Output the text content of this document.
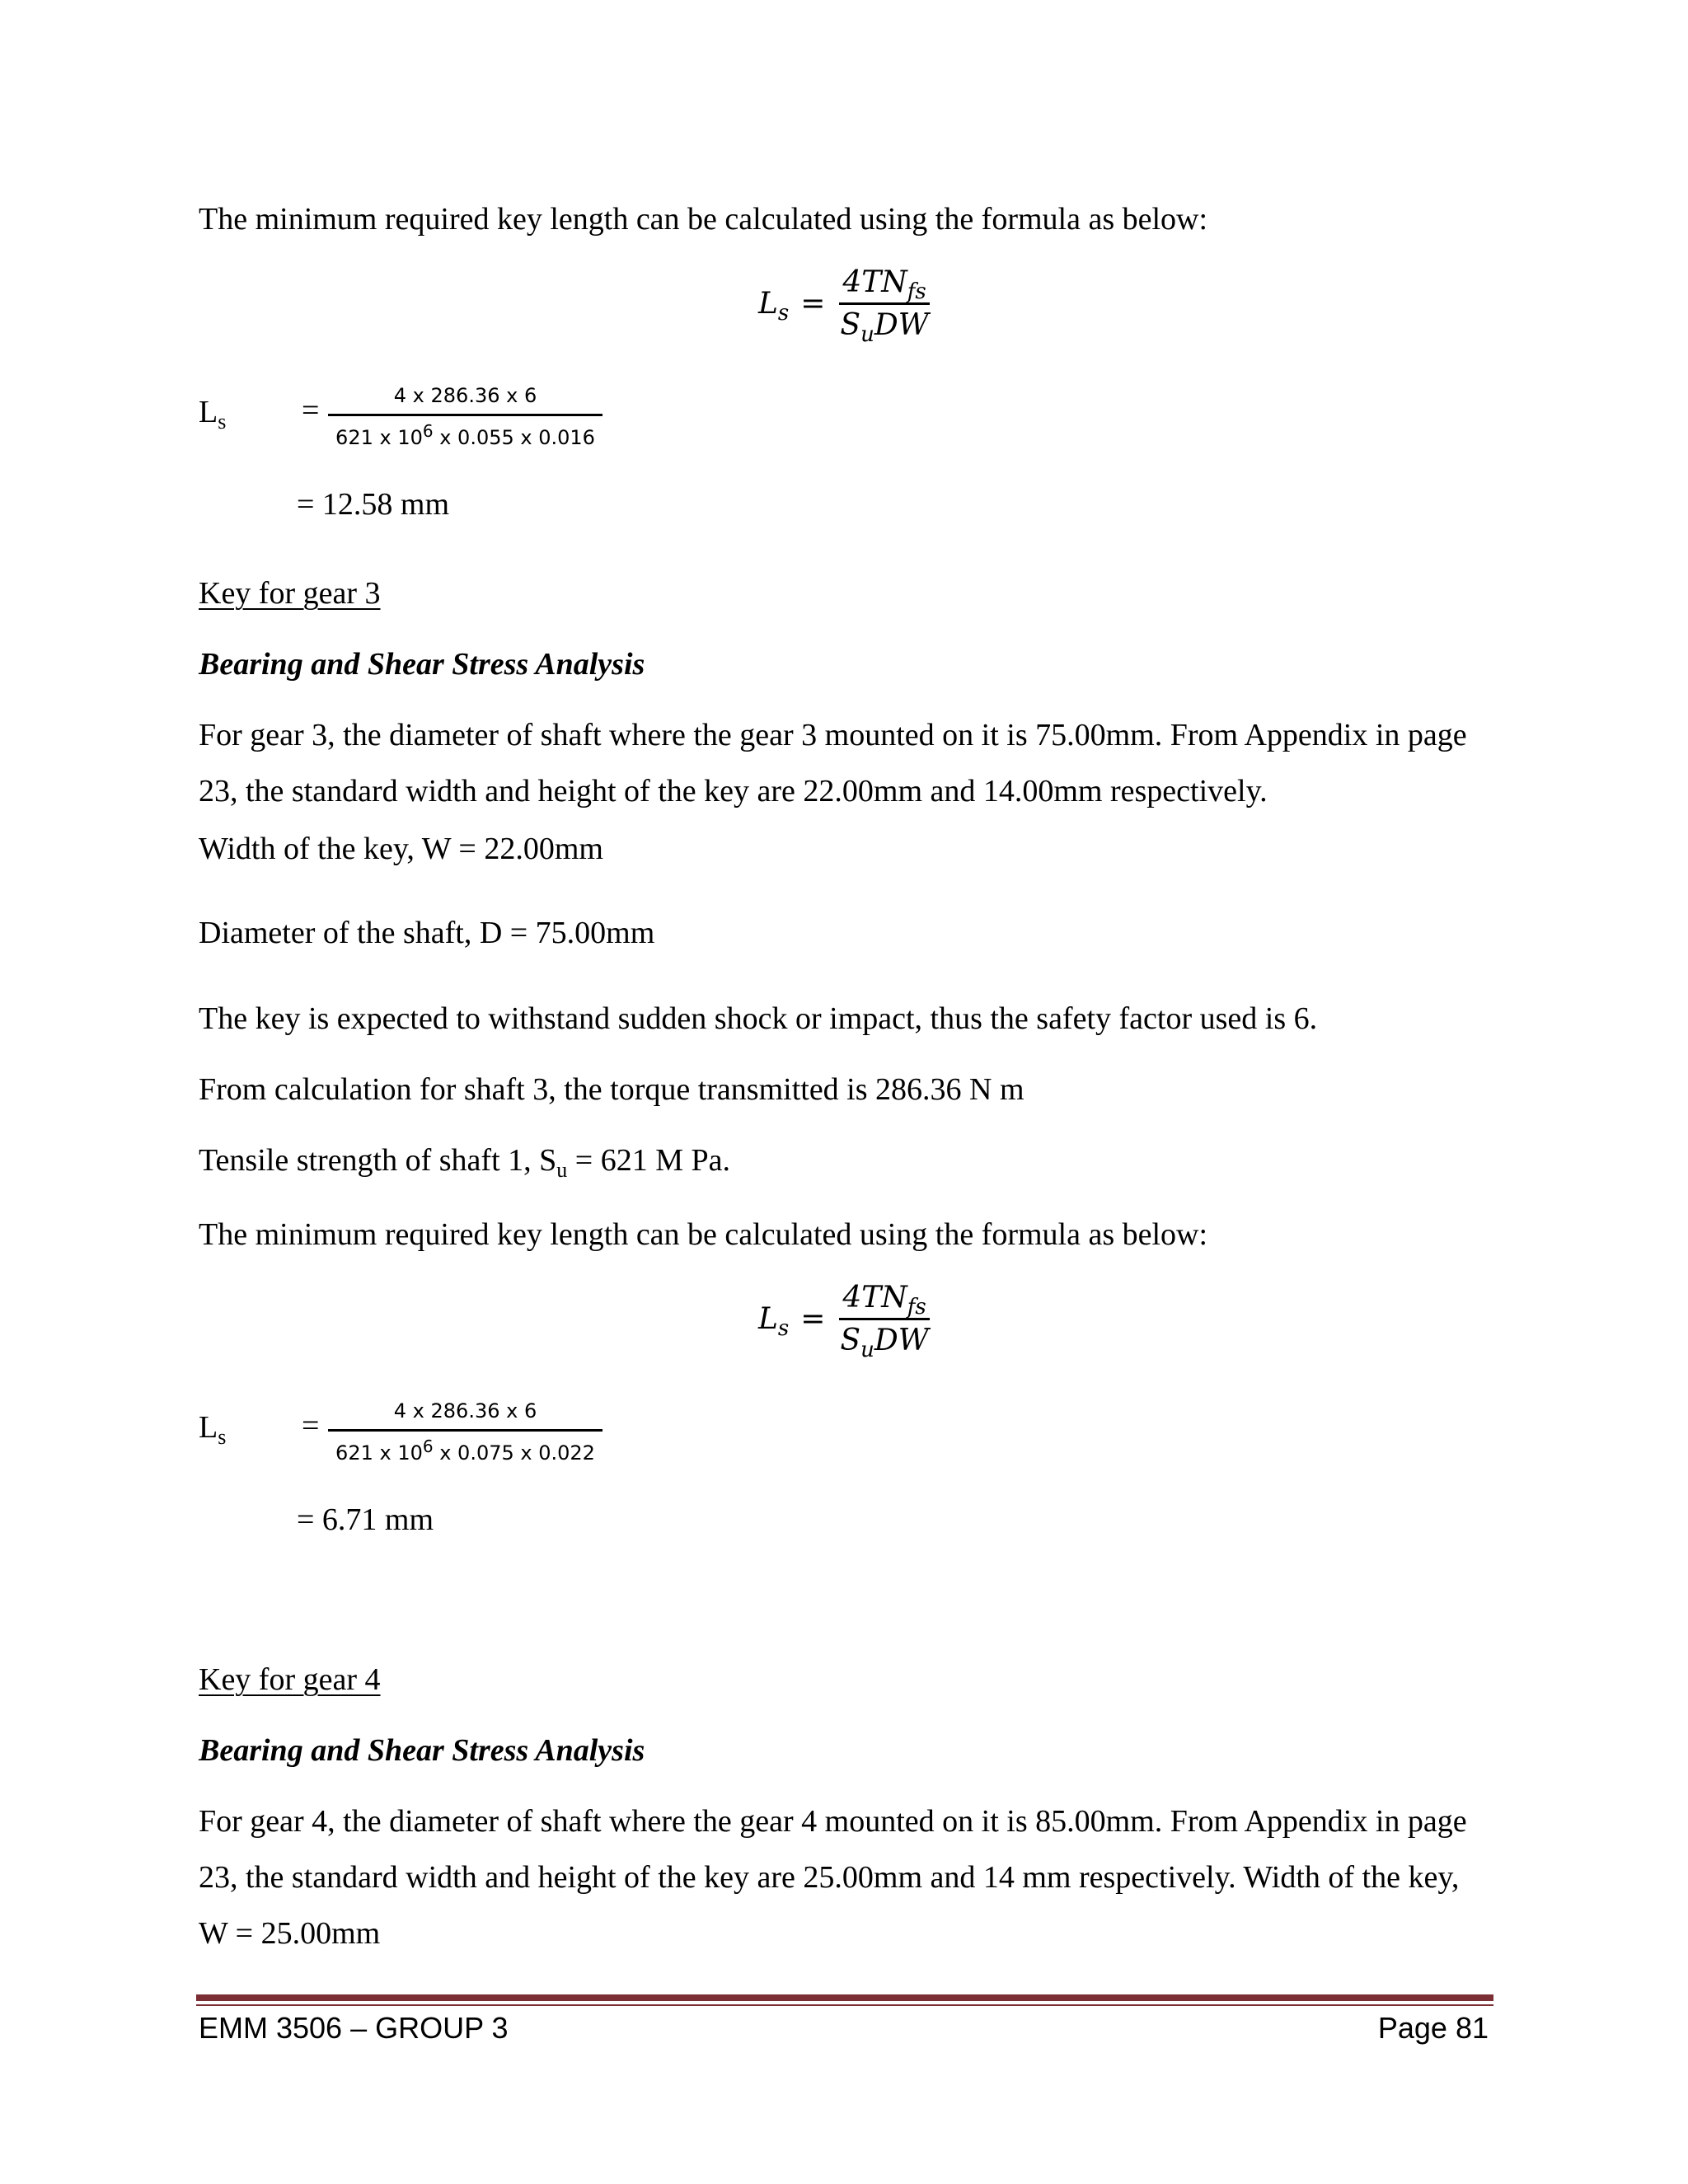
The minimum required key length can be calculated using the formula as below:

$L_s = \frac{4TN_{fs}}{S_uDW}$
$L_s = \frac{4 x 286.36 x 6}{621 x 10^6 x 0.055 x 0.016}$
= 12.58 mm

Key for gear 3

Bearing and Shear Stress Analysis

For gear 3, the diameter of shaft where the gear 3 mounted on it is 75.00mm. From Appendix in page 23, the standard width and height of the key are 22.00mm and 14.00mm respectively.

Width of the key, W = 22.00mm

Diameter of the shaft, D = 75.00mm

The key is expected to withstand sudden shock or impact, thus the safety factor used is 6.

From calculation for shaft 3, the torque transmitted is 286.36 N m

Tensile strength of shaft 1, $S_u = 621$ M Pa.

The minimum required key length can be calculated using the formula as below:

$L_s = \frac{4TN_{fs}}{S_uDW}$
$L_s = \frac{4 x 286.36 x 6}{621 x 10^6 x 0.075 x 0.022}$
= 6.71 mm

Key for gear 4

Bearing and Shear Stress Analysis

For gear 4, the diameter of shaft where the gear 4 mounted on it is 85.00mm. From Appendix in page 23, the standard width and height of the key are 25.00mm and 14 mm respectively. Width of the key, W = 25.00mm

EMM 3506 – GROUP 3	Page 81
